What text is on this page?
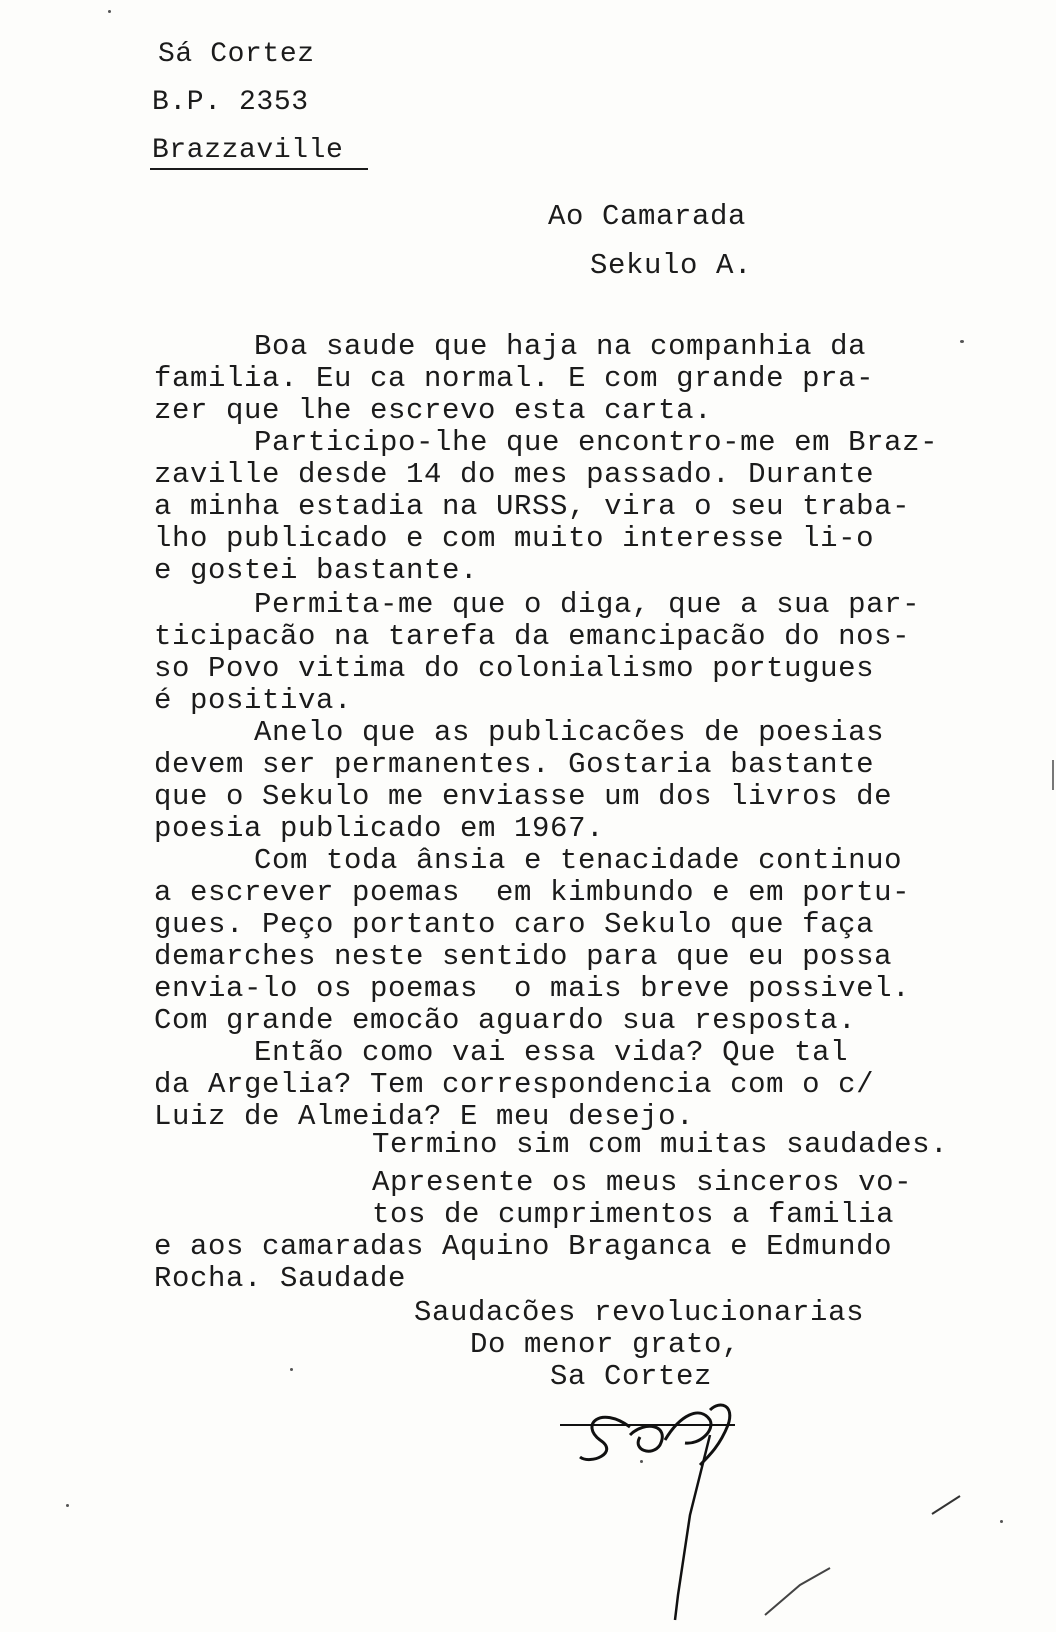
Sá Cortez
B.P. 2353
Brazzaville
Ao Camarada
Sekulo A.
Boa saude que haja na companhia da
familia. Eu ca normal. E com grande pra-
zer que lhe escrevo esta carta.
Participo-lhe que encontro-me em Braz-
zaville desde 14 do mes passado. Durante
a minha estadia na URSS, vira o seu traba-
lho publicado e com muito interesse li-o
e gostei bastante.
Permita-me que o diga, que a sua par-
ticipacão na tarefa da emancipacão do nos-
so Povo vitima do colonialismo portugues
é positiva.
Anelo que as publicacões de poesias
devem ser permanentes. Gostaria bastante
que o Sekulo me enviasse um dos livros de
poesia publicado em 1967.
Com toda ânsia e tenacidade continuo
a escrever poemas  em kimbundo e em portu-
gues. Peço portanto caro Sekulo que faça
demarches neste sentido para que eu possa
envia-lo os poemas  o mais breve possivel.
Com grande emocão aguardo sua resposta.
Então como vai essa vida? Que tal
da Argelia? Tem correspondencia com o c/
Luiz de Almeida? E meu desejo.
Termino sim com muitas saudades.
Apresente os meus sinceros vo-
tos de cumprimentos a familia
e aos camaradas Aquino Braganca e Edmundo
Rocha. Saudade
Saudacões revolucionarias
Do menor grato,
Sa Cortez
